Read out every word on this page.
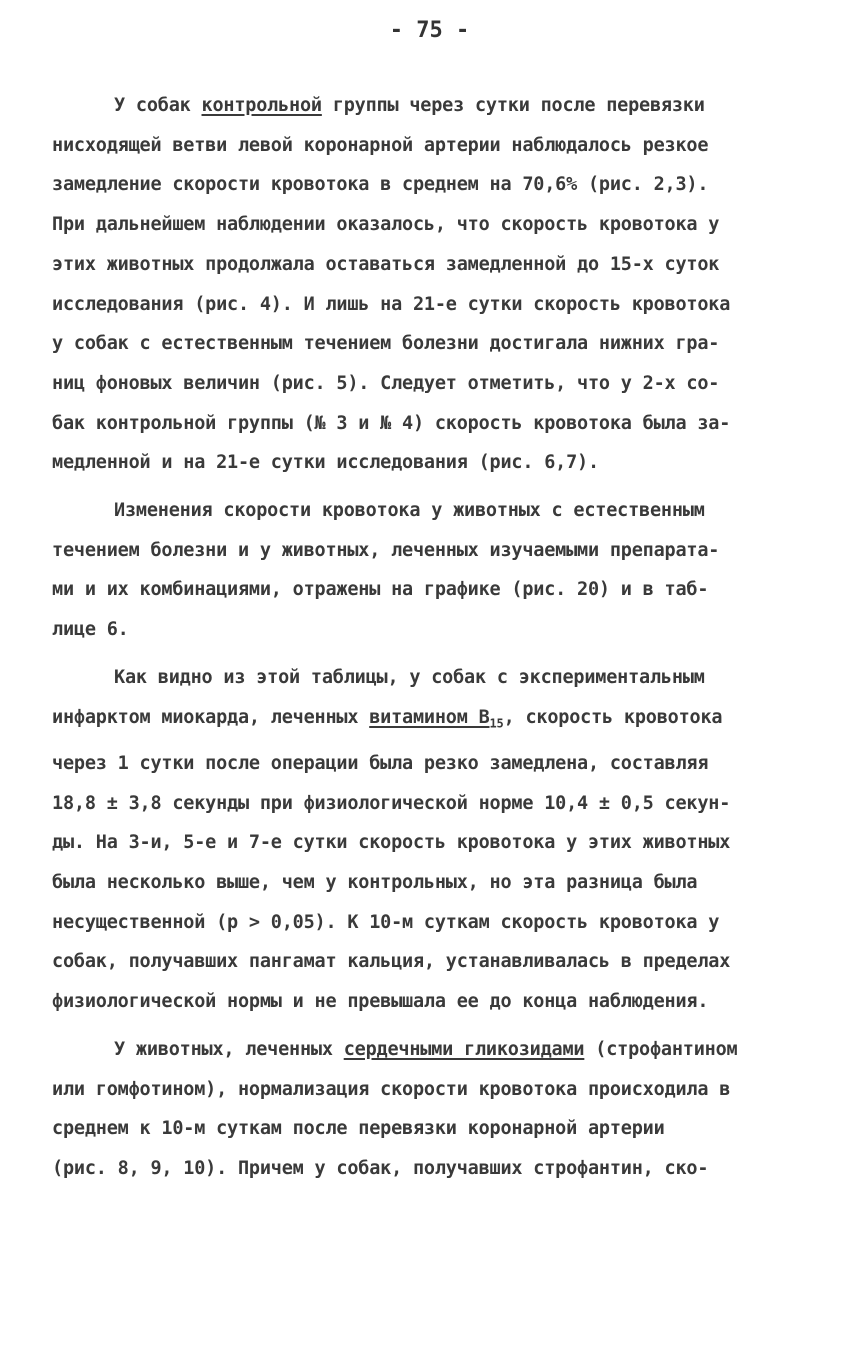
- 75 -
У собак контрольной группы через сутки после перевязки
нисходящей ветви левой коронарной артерии наблюдалось резкое
замедление скорости кровотока в среднем на 70,6% (рис. 2,3).
При дальнейшем наблюдении оказалось, что скорость кровотока у
этих животных продолжала оставаться замедленной до 15-х суток
исследования (рис. 4). И лишь на 21-е сутки скорость кровотока
у собак с естественным течением болезни достигала нижних гра-
ниц фоновых величин (рис. 5). Следует отметить, что у 2-х со-
бак контрольной группы (№ 3 и № 4) скорость кровотока была за-
медленной и на 21-е сутки исследования (рис. 6,7).
Изменения скорости кровотока у животных с естественным
течением болезни и у животных, леченных изучаемыми препарата-
ми и их комбинациями, отражены на графике (рис. 20) и в таб-
лице 6.
Как видно из этой таблицы, у собак с экспериментальным
инфарктом миокарда, леченных витамином $B_{15}$, скорость кровотока
через 1 сутки после операции была резко замедлена, составляя
18,8 ± 3,8 секунды при физиологической норме 10,4 ± 0,5 секун-
ды. На 3-и, 5-е и 7-е сутки скорость кровотока у этих животных
была несколько выше, чем у контрольных, но эта разница была
несущественной (p > 0,05). К 10-м суткам скорость кровотока у
собак, получавших пангамат кальция, устанавливалась в пределах
физиологической нормы и не превышала ее до конца наблюдения.
У животных, леченных сердечными гликозидами (строфантином
или гомфотином), нормализация скорости кровотока происходила в
среднем к 10-м суткам после перевязки коронарной артерии
(рис. 8, 9, 10). Причем у собак, получавших строфантин, ско-
